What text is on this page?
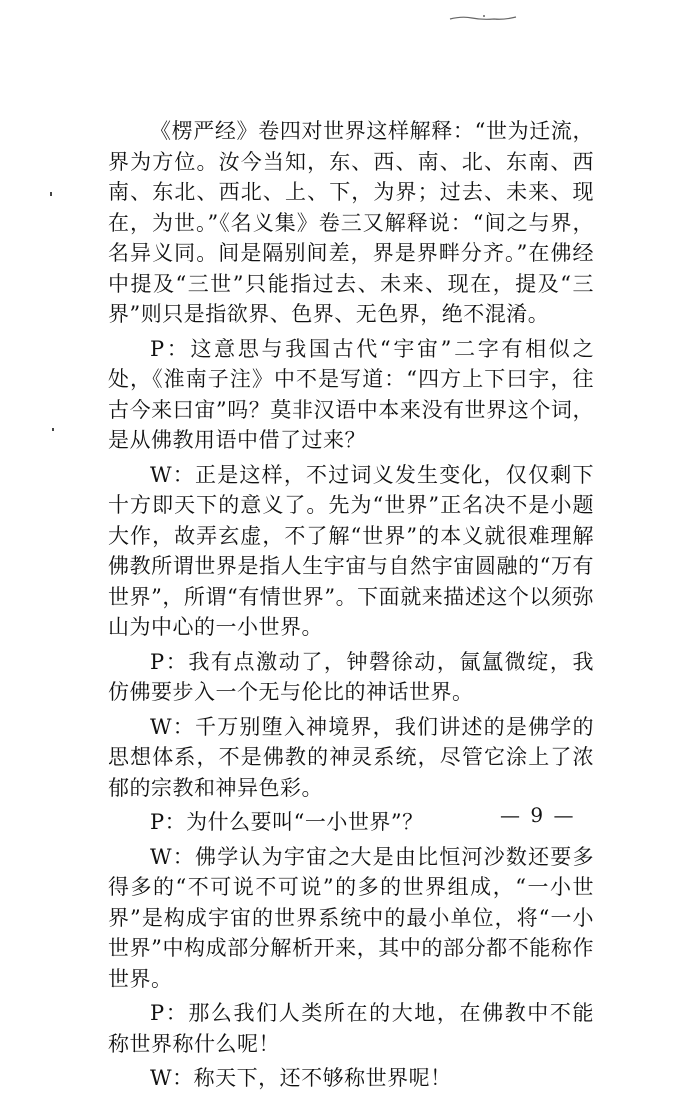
《楞严经》卷四对世界这样解释：“世为迁流，界为方位。汝今当知，东、西、南、北、东南、西南、东北、西北、上、下，为界；过去、未来、现在，为世。”《名义集》卷三又解释说：“间之与界，名异义同。间是隔别间差，界是界畔分齐。”在佛经中提及“三世”只能指过去、未来、现在，提及“三界”则只是指欲界、色界、无色界，绝不混淆。

P：这意思与我国古代“宇宙”二字有相似之处，《淮南子注》中不是写道：“四方上下曰宇，往古今来曰宙”吗？莫非汉语中本来没有世界这个词，是从佛教用语中借了过来？

W：正是这样，不过词义发生变化，仅仅剩下十方即天下的意义了。先为“世界”正名决不是小题大作，故弄玄虚，不了解“世界”的本义就很难理解佛教所谓世界是指人生宇宙与自然宇宙圆融的“万有世界”，所谓“有情世界”。下面就来描述这个以须弥山为中心的一小世界。

P：我有点激动了，钟磬徐动，氤氲微绽，我仿佛要步入一个无与伦比的神话世界。

W：千万别堕入神境界，我们讲述的是佛学的思想体系，不是佛教的神灵系统，尽管它涂上了浓郁的宗教和神异色彩。

P：为什么要叫“一小世界”？

W：佛学认为宇宙之大是由比恒河沙数还要多得多的“不可说不可说”的多的世界组成，“一小世界”是构成宇宙的世界系统中的最小单位，将“一小世界”中构成部分解析开来，其中的部分都不能称作世界。

P：那么我们人类所在的大地，在佛教中不能称世界称什么呢！

W：称天下，还不够称世界呢！

— 9 —
